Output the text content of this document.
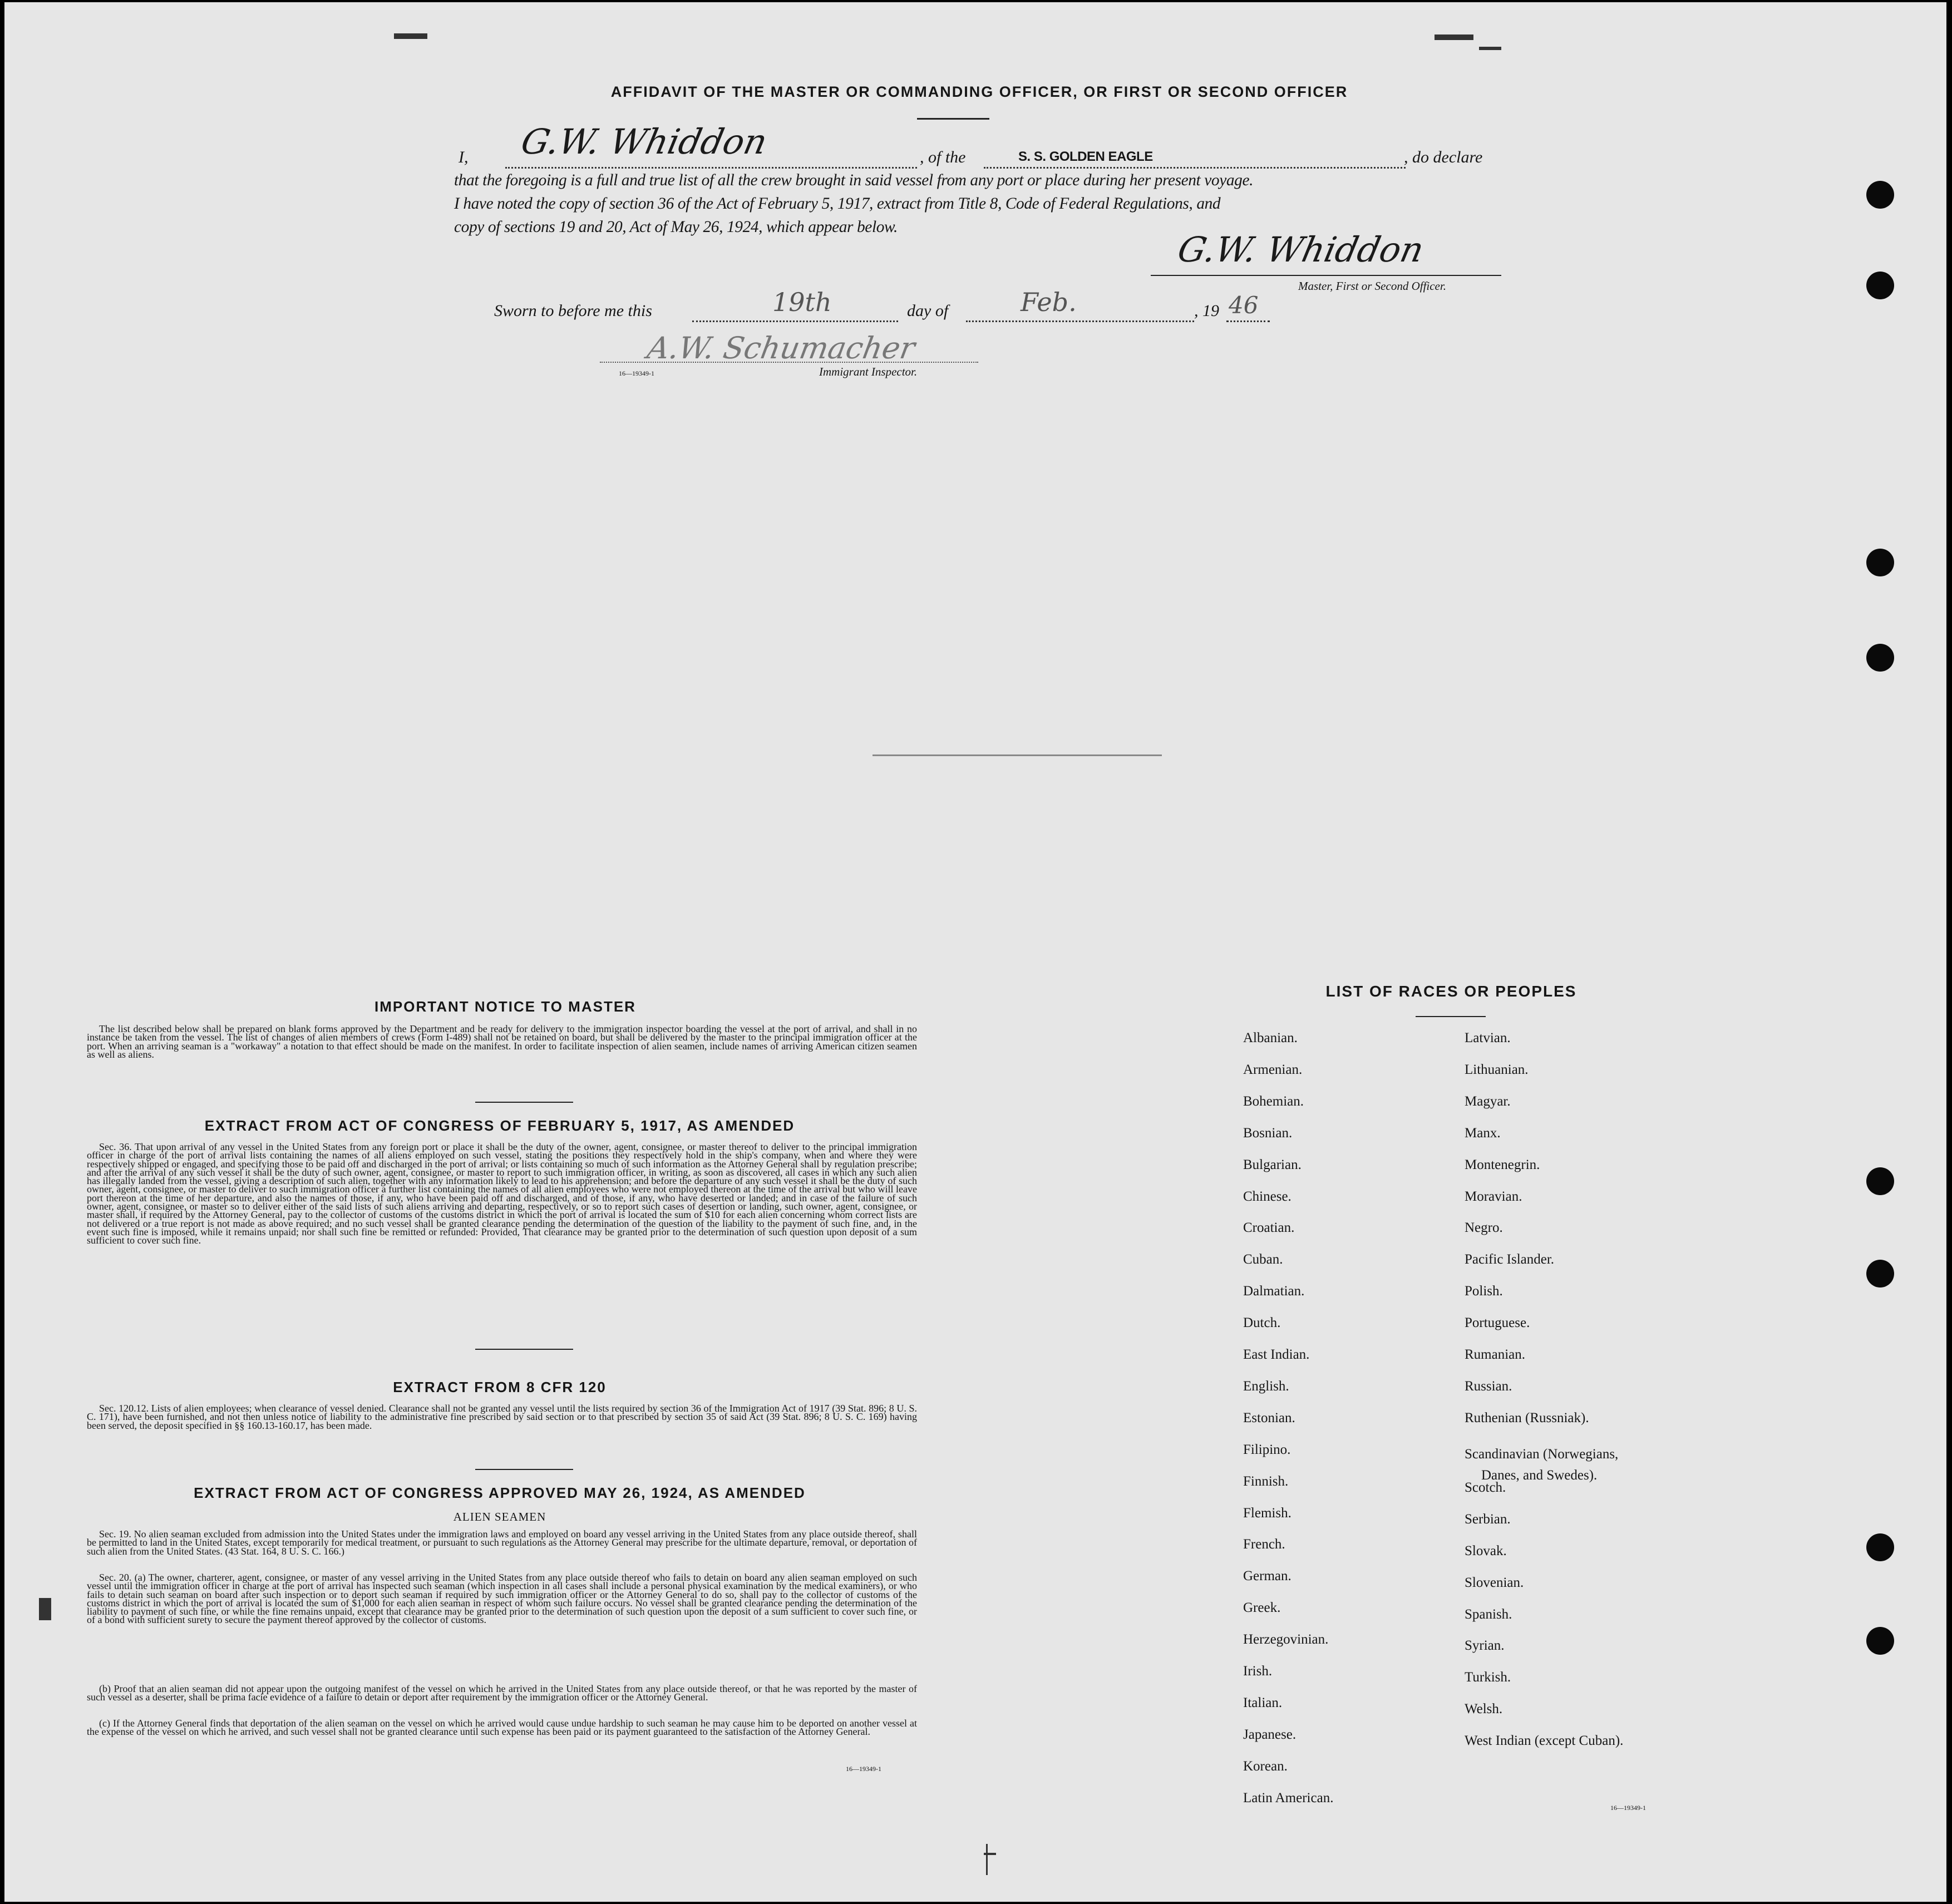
AFFIDAVIT OF THE MASTER OR COMMANDING OFFICER, OR FIRST OR SECOND OFFICER
I, G.W. Whiddon	, of the	S. S. GOLDEN EAGLE	, do declare
that the foregoing is a full and true list of all the crew brought in said vessel from any port or place during her present voyage.
I have noted the copy of section 36 of the Act of February 5, 1917, extract from Title 8, Code of Federal Regulations, and
copy of sections 19 and 20, Act of May 26, 1924, which appear below.
G.W. Whiddon
Master, First or Second Officer.
Sworn to before me this	19th	day of	Feb.	, 19 46
A.W. Schumacher
16—19349-1	Immigrant Inspector.
IMPORTANT NOTICE TO MASTER
The list described below shall be prepared on blank forms approved by the Department and be ready for delivery to the immigration inspector boarding the vessel at the port of arrival, and shall in no instance be taken from the vessel. The list of changes of alien members of crews (Form I-489) shall not be retained on board, but shall be delivered by the master to the principal immigration officer at the port. When an arriving seaman is a "workaway" a notation to that effect should be made on the manifest. In order to facilitate inspection of alien seamen, include names of arriving American citizen seamen as well as aliens.
EXTRACT FROM ACT OF CONGRESS OF FEBRUARY 5, 1917, AS AMENDED
Sec. 36. That upon arrival of any vessel in the United States from any foreign port or place it shall be the duty of the owner, agent, consignee, or master thereof to deliver to the principal immigration officer in charge of the port of arrival lists containing the names of all aliens employed on such vessel, stating the positions they respectively hold in the ship's company, when and where they were respectively shipped or engaged, and specifying those to be paid off and discharged in the port of arrival; or lists containing so much of such information as the Attorney General shall by regulation prescribe; and after the arrival of any such vessel it shall be the duty of such owner, agent, consignee, or master to report to such immigration officer, in writing, as soon as discovered, all cases in which any such alien has illegally landed from the vessel, giving a description of such alien, together with any information likely to lead to his apprehension; and before the departure of any such vessel it shall be the duty of such owner, agent, consignee, or master to deliver to such immigration officer a further list containing the names of all alien employees who were not employed thereon at the time of the arrival but who will leave port thereon at the time of her departure, and also the names of those, if any, who have been paid off and discharged, and of those, if any, who have deserted or landed; and in case of the failure of such owner, agent, consignee, or master so to deliver either of the said lists of such aliens arriving and departing, respectively, or so to report such cases of desertion or landing, such owner, agent, consignee, or master shall, if required by the Attorney General, pay to the collector of customs of the customs district in which the port of arrival is located the sum of $10 for each alien concerning whom correct lists are not delivered or a true report is not made as above required; and no such vessel shall be granted clearance pending the determination of the question of the liability to the payment of such fine, and, in the event such fine is imposed, while it remains unpaid; nor shall such fine be remitted or refunded: Provided, That clearance may be granted prior to the determination of such question upon deposit of a sum sufficient to cover such fine.
EXTRACT FROM 8 CFR 120
Sec. 120.12. Lists of alien employees; when clearance of vessel denied. Clearance shall not be granted any vessel until the lists required by section 36 of the Immigration Act of 1917 (39 Stat. 896; 8 U. S. C. 171), have been furnished, and not then unless notice of liability to the administrative fine prescribed by said section or to that prescribed by section 35 of said Act (39 Stat. 896; 8 U. S. C. 169) having been served, the deposit specified in §§ 160.13-160.17, has been made.
EXTRACT FROM ACT OF CONGRESS APPROVED MAY 26, 1924, AS AMENDED
ALIEN SEAMEN
Sec. 19. No alien seaman excluded from admission into the United States under the immigration laws and employed on board any vessel arriving in the United States from any place outside thereof, shall be permitted to land in the United States, except temporarily for medical treatment, or pursuant to such regulations as the Attorney General may prescribe for the ultimate departure, removal, or deportation of such alien from the United States. (43 Stat. 164, 8 U. S. C. 166.)
Sec. 20. (a) The owner, charterer, agent, consignee, or master of any vessel arriving in the United States from any place outside thereof who fails to detain on board any alien seaman employed on such vessel until the immigration officer in charge at the port of arrival has inspected such seaman (which inspection in all cases shall include a personal physical examination by the medical examiners), or who fails to detain such seaman on board after such inspection or to deport such seaman if required by such immigration officer or the Attorney General to do so, shall pay to the collector of customs of the customs district in which the port of arrival is located the sum of $1,000 for each alien seaman in respect of whom such failure occurs. No vessel shall be granted clearance pending the determination of the liability to payment of such fine, or while the fine remains unpaid, except that clearance may be granted prior to the determination of such question upon the deposit of a sum sufficient to cover such fine, or of a bond with sufficient surety to secure the payment thereof approved by the collector of customs.
(b) Proof that an alien seaman did not appear upon the outgoing manifest of the vessel on which he arrived in the United States from any place outside thereof, or that he was reported by the master of such vessel as a deserter, shall be prima facie evidence of a failure to detain or deport after requirement by the immigration officer or the Attorney General.
(c) If the Attorney General finds that deportation of the alien seaman on the vessel on which he arrived would cause undue hardship to such seaman he may cause him to be deported on another vessel at the expense of the vessel on which he arrived, and such vessel shall not be granted clearance until such expense has been paid or its payment guaranteed to the satisfaction of the Attorney General.
16—19349-1
LIST OF RACES OR PEOPLES
Danes, and Swedes).
16—19349-1
Albanian.
Armenian.
Bohemian.
Bosnian.
Bulgarian.
Chinese.
Croatian.
Cuban.
Dalmatian.
Dutch.
East Indian.
English.
Estonian.
Filipino.
Finnish.
Flemish.
French.
German.
Greek.
Herzegovinian.
Irish.
Italian.
Japanese.
Korean.
Latin American.
Latvian.
Lithuanian.
Magyar.
Manx.
Montenegrin.
Moravian.
Negro.
Pacific Islander.
Polish.
Portuguese.
Rumanian.
Russian.
Ruthenian (Russniak).
Scandinavian (Norwegians,
Scotch.
Serbian.
Slovak.
Slovenian.
Spanish.
Syrian.
Turkish.
Welsh.
West Indian (except Cuban).
